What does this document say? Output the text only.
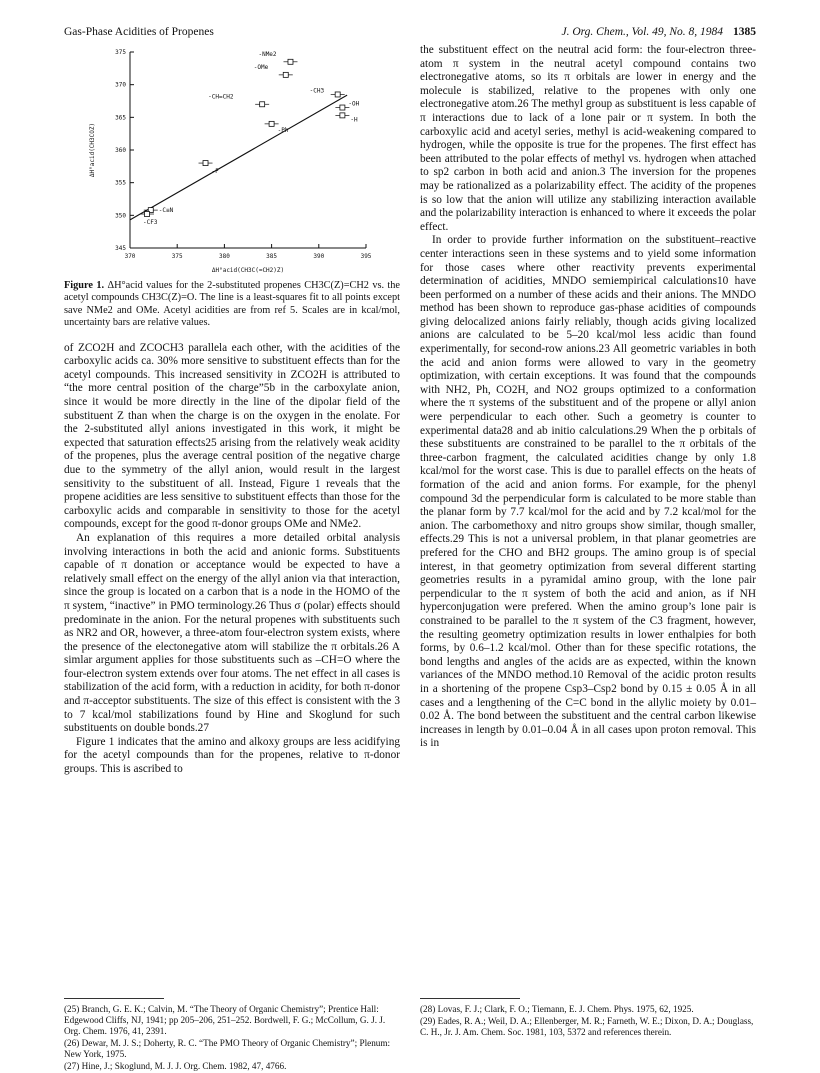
Gas-Phase Acidities of Propenes	J. Org. Chem., Vol. 49, No. 8, 1984 1385
375
370
365
360
355
350
345
370	375	380	385	390	395
ΔH°acid(CH3C(=CH2)Z)
ΔH°acid(CH3COZ)
-NMe2
-OMe
-CH=CH2
-CH3
-OH
-H
-Ph
-F
-C≡N
-CF3
Figure 1. ΔH°acid values for the 2-substituted propenes CH3C(Z)=CH2 vs. the acetyl compounds CH3C(Z)=O. The line is a least-squares fit to all points except save NMe2 and OMe. Acetyl acidities are from ref 5. Scales are in kcal/mol, uncertainty bars are relative values.

of ZCO2H and ZCOCH3 parallela each other, with the acidities of the carboxylic acids ca. 30% more sensitive to substituent effects than for the acetyl compounds. This increased sensitivity in ZCO2H is attributed to “the more central position of the charge”5b in the carboxylate anion, since it would be more directly in the line of the dipolar field of the substituent Z than when the charge is on the oxygen in the enolate. For the 2-substituted allyl anions investigated in this work, it might be expected that saturation effects25 arising from the relatively weak acidity of the propenes, plus the average central position of the negative charge due to the symmetry of the allyl anion, would result in the largest sensitivity to the substituent of all. Instead, Figure 1 reveals that the propene acidities are less sensitive to substituent effects than those for the carboxylic acids and comparable in sensitivity to those for the acetyl compounds, except for the good π-donor groups OMe and NMe2.

An explanation of this requires a more detailed orbital analysis involving interactions in both the acid and anionic forms. Substituents capable of π donation or acceptance would be expected to have a relatively small effect on the energy of the allyl anion via that interaction, since the group is located on a carbon that is a node in the HOMO of the π system, “inactive” in PMO terminology.26 Thus σ (polar) effects should predominate in the anion. For the netural propenes with substituents such as NR2 and OR, however, a three-atom four-electron system exists, where the presence of the electonegative atom will stabilize the π orbitals.26 A simlar argument applies for those substituents such as –CH=O where the four-electron system extends over four atoms. The net effect in all cases is stabilization of the acid form, with a reduction in acidity, for both π-donor and π-acceptor substituents. The size of this effect is consistent with the 3 to 7 kcal/mol stabilizations found by Hine and Skoglund for such substituents on double bonds.27

Figure 1 indicates that the amino and alkoxy groups are less acidifying for the acetyl compounds than for the propenes, relative to π-donor groups. This is ascribed to

the substituent effect on the neutral acid form: the four-electron three-atom π system in the neutral acetyl compound contains two electronegative atoms, so its π orbitals are lower in energy and the molecule is stabilized, relative to the propenes with only one electronegative atom.26 The methyl group as substituent is less capable of π interactions due to lack of a lone pair or π system. In both the carboxylic acid and acetyl series, methyl is acid-weakening compared to hydrogen, while the opposite is true for the propenes. The first effect has been attributed to the polar effects of methyl vs. hydrogen when attached to sp2 carbon in both acid and anion.3 The inversion for the propenes may be rationalized as a polarizability effect. The acidity of the propenes is so low that the anion will utilize any stabilizing interaction available and the polarizability interaction is enhanced to where it exceeds the polar effect.

In order to provide further information on the substituent–reactive center interactions seen in these systems and to yield some information for those cases where other reactivity prevents experimental determination of acidities, MNDO semiempirical calculations10 have been performed on a number of these acids and their anions. The MNDO method has been shown to reproduce gas-phase acidities of compounds giving delocalized anions fairly reliably, though acids giving localized anions are calculated to be 5–20 kcal/mol less acidic than found experimentally, for second-row anions.23 All geometric variables in both the acid and anion forms were allowed to vary in the geometry optimization, with certain exceptions. It was found that the compounds with NH2, Ph, CO2H, and NO2 groups optimized to a conformation where the π systems of the substituent and of the propene or allyl anion were perpendicular to each other. Such a geometry is counter to experimental data28 and ab initio calculations.29 When the p orbitals of these substituents are constrained to be parallel to the π orbitals of the three-carbon fragment, the calculated acidities change by only 1.8 kcal/mol for the worst case. This is due to parallel effects on the heats of formation of the acid and anion forms. For example, for the phenyl compound 3d the perpendicular form is calculated to be more stable than the planar form by 7.7 kcal/mol for the acid and by 7.2 kcal/mol for the anion. The carbomethoxy and nitro groups show similar, though smaller, effects.29 This is not a universal problem, in that planar geometries are prefered for the CHO and BH2 groups. The amino group is of special interest, in that geometry optimization from several different starting geometries results in a pyramidal amino group, with the lone pair perpendicular to the π system of both the acid and anion, as if NH hyperconjugation were prefered. When the amino group’s lone pair is constrained to be parallel to the π system of the C3 fragment, however, the resulting geometry optimization results in lower enthalpies for both forms, by 0.6–1.2 kcal/mol. Other than for these specific rotations, the bond lengths and angles of the acids are as expected, within the known variances of the MNDO method.10 Removal of the acidic proton results in a shortening of the propene Csp3–Csp2 bond by 0.15 ± 0.05 Å in all cases and a lengthening of the C=C bond in the allylic moiety by 0.01–0.02 Å. The bond between the substituent and the central carbon likewise increases in length by 0.01–0.04 Å in all cases upon proton removal. This is in

(25) Branch, G. E. K.; Calvin, M. “The Theory of Organic Chemistry”; Prentice Hall: Edgewood Cliffs, NJ, 1941; pp 205–206, 251–252. Bordwell, F. G.; McCollum, G. J. J. Org. Chem. 1976, 41, 2391.

(26) Dewar, M. J. S.; Doherty, R. C. “The PMO Theory of Organic Chemistry”; Plenum: New York, 1975.

(27) Hine, J.; Skoglund, M. J. J. Org. Chem. 1982, 47, 4766.

(28) Lovas, F. J.; Clark, F. O.; Tiemann, E. J. Chem. Phys. 1975, 62, 1925.

(29) Eades, R. A.; Weil, D. A.; Ellenberger, M. R.; Farneth, W. E.; Dixon, D. A.; Douglass, C. H., Jr. J. Am. Chem. Soc. 1981, 103, 5372 and references therein.
